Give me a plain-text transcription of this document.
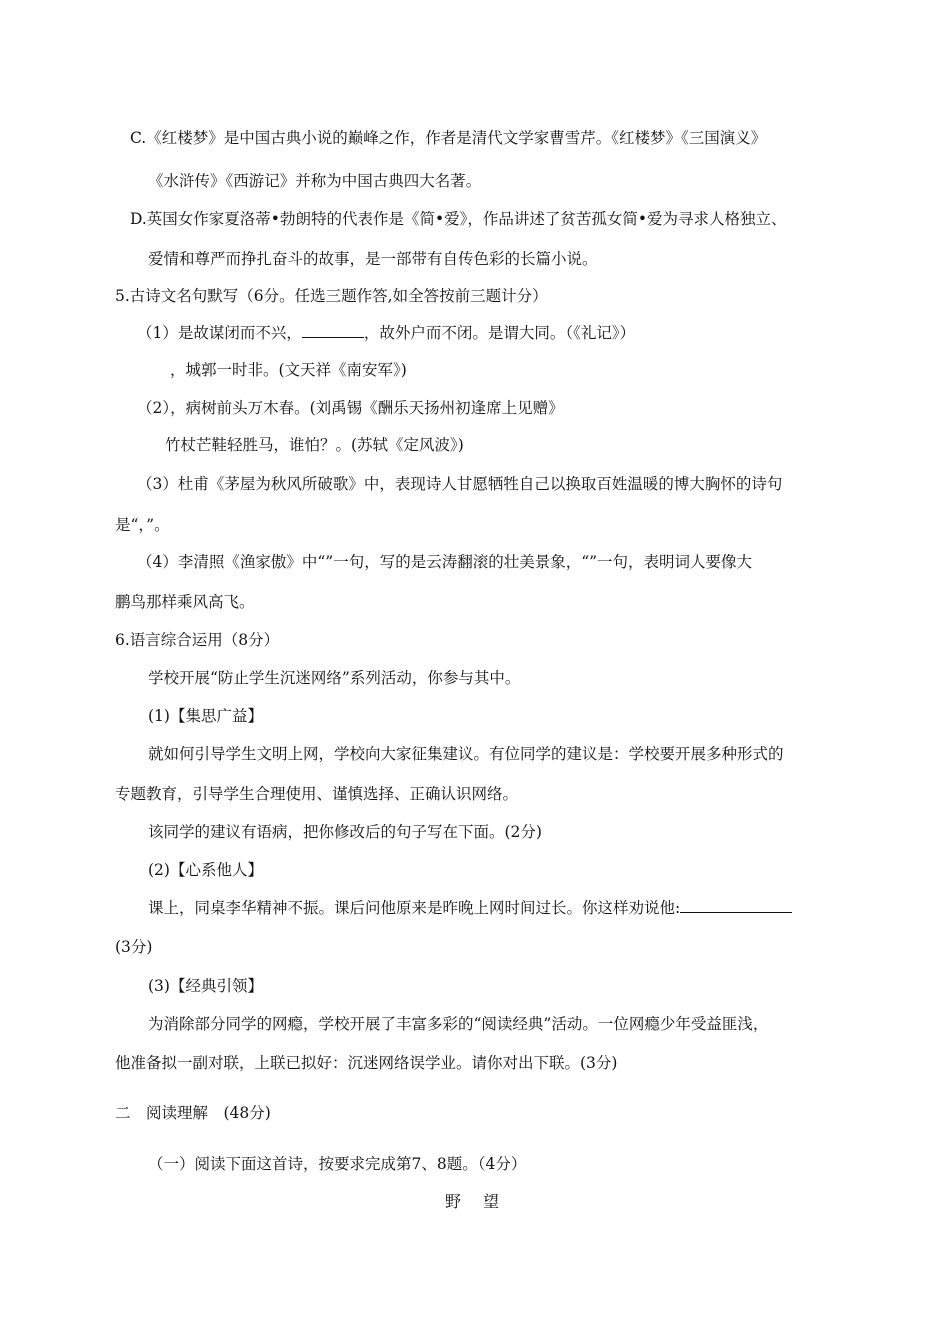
C.《红楼梦》是中国古典小说的巅峰之作，作者是清代文学家曹雪芹。《红楼梦》《三国演义》
《水浒传》《西游记》并称为中国古典四大名著。
D.英国女作家夏洛蒂•勃朗特的代表作是《简•爱》，作品讲述了贫苦孤女简•爱为寻求人格独立、
爱情和尊严而挣扎奋斗的故事，是一部带有自传色彩的长篇小说。
5.古诗文名句默写（6分。任选三题作答,如全答按前三题计分）
（1）是故谋闭而不兴，	，故外户而不闭。是谓大同。（《礼记》）
，城郭一时非。(文天祥《南安军》)
（2），病树前头万木春。(刘禹锡《酬乐天扬州初逢席上见赠》
竹杖芒鞋轻胜马，谁怕？。(苏轼《定风波》)
（3）杜甫《茅屋为秋风所破歌》中，表现诗人甘愿牺牲自己以换取百姓温暖的博大胸怀的诗句
是“，”。
（4）李清照《渔家傲》中“”一句，写的是云涛翻滚的壮美景象，“”一句，表明词人要像大
鹏鸟那样乘风高飞。
6.语言综合运用（8分）
学校开展“防止学生沉迷网络”系列活动，你参与其中。
(1)【集思广益】
就如何引导学生文明上网，学校向大家征集建议。有位同学的建议是：学校要开展多种形式的
专题教育，引导学生合理使用、谨慎选择、正确认识网络。
该同学的建议有语病，把你修改后的句子写在下面。(2分)
(2)【心系他人】
课上，同桌李华精神不振。课后问他原来是昨晚上网时间过长。你这样劝说他:
(3分)
(3)【经典引领】
为消除部分同学的网瘾，学校开展了丰富多彩的“阅读经典”活动。一位网瘾少年受益匪浅，
他准备拟一副对联，上联已拟好：沉迷网络误学业。请你对出下联。(3分)
二　阅读理解　(48分)
（一）阅读下面这首诗，按要求完成第7、8题。（4分）
野望
